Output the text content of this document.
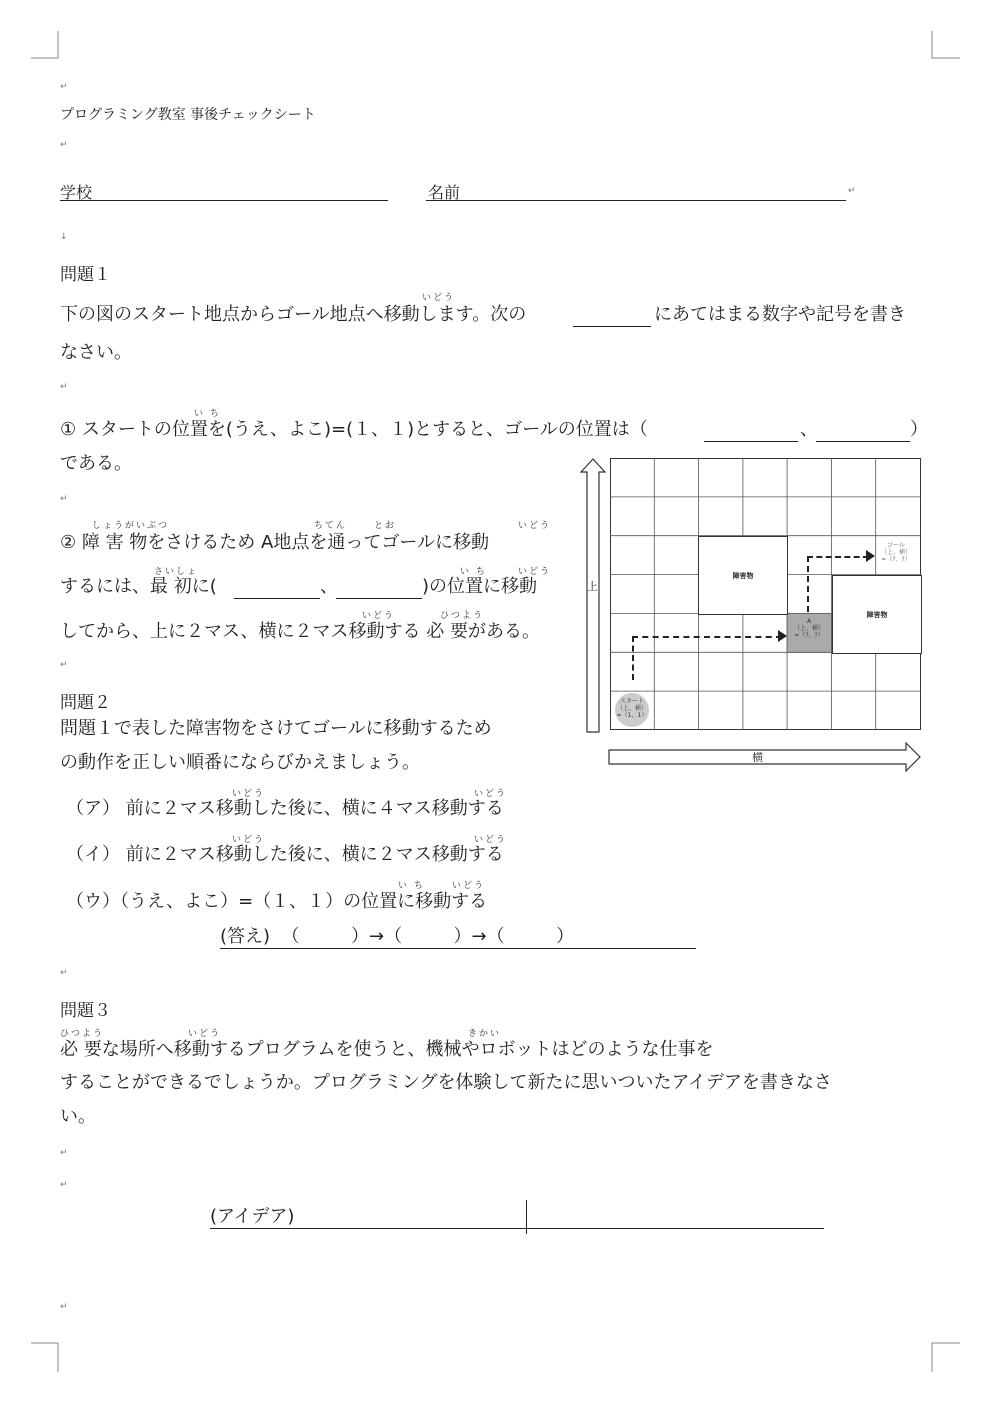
↵
↵
↓
↵
↵
↵
↵
↵
↵
↵
プログラミング教室 事後チェックシート
学校	名前	↵
問題１
いどう
下の図のスタート地点からゴール地点へ移動します。次の	にあてはまる数字や記号を書き
なさい。
い ち
① スタートの位置を(うえ、よこ)=(１、１)とすると、ゴールの位置は（	、	）
である。
しょうがいぶつ	ちてん	とお	いどう
② 障 害 物をさけるため A地点を通ってゴールに移動
さいしょ	い ち	いどう
するには、最 初に(	、	)の位置に移動
いどう	ひつよう
してから、上に２マス、横に２マス移動する 必 要がある。
問題２
問題１で表した障害物をさけてゴールに移動するため
の動作を正しい順番にならびかえましょう。
いどう	いどう
（ア） 前に２マス移動した後に、横に４マス移動する
いどう	いどう
（イ） 前に２マス移動した後に、横に２マス移動する
い ち	いどう
（ウ）（うえ、よこ）=（１、１）の位置に移動する
(答え)  （         ）→（         ）→（         ）
問題３
ひつよう	いどう	きかい
必 要な場所へ移動するプログラムを使うと、機械やロボットはどのような仕事を
することができるでしょうか。プログラミングを体験して新たに思いついたアイデアを書きなさ
い。
(アイデア)
上
横
障害物
障害物
ゴール
（上、横）
=（?、?）
A
（上、横）
=（?、?）
スタート
（上、横）
=（1、1）
